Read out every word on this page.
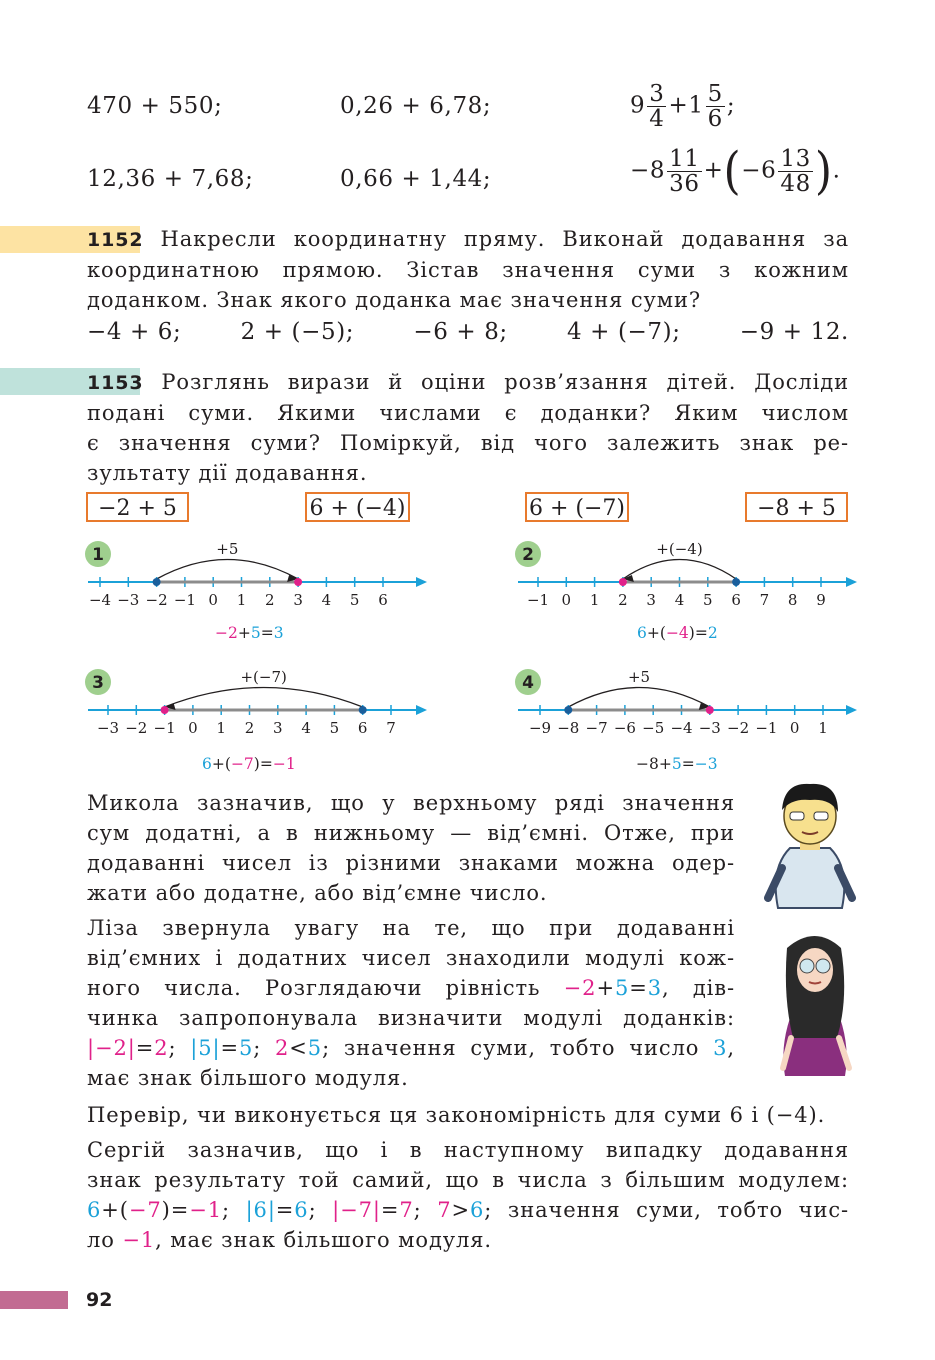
470 + 550;	0,26 + 6,78;	$9 \frac{3}{4} +1 \frac{5}{6}$ ;
12,36 + 7,68;	0,66 + 1,44;	$-8 \frac{11}{36} +(-6 \frac{13}{48}$ ).
1152 Накресли координатну пряму. Виконай додавання за
координатною прямою. Зістав значення суми з кожним
доданком. Знак якого доданка має значення суми?
−4 + 6;	2 + (−5);	−6 + 8;	4 + (−7);	−9 + 12.
1153 Розглянь вирази й оціни розв’язання дітей. Досліди
подані суми. Якими числами є доданки? Яким числом
є значення суми? Поміркуй, від чого залежить знак ре-
зультату дії додавання.
−2 + 5	6 + (−4)	6 + (−7)	−8 + 5
1
−4 −3 −2 −1 0 1 2 3 4 5 6
+5	2
−1 0 1 2 3 4 5 6 7 8 9
+(−4)
3
−3 −2 −1 0 1 2 3 4 5 6 7
+(−7)	4
−9 −8 −7 −6 −5 −4 −3 −2 −1 0 1
+5
−2+5=3	6+(−4)=2
6+(−7)=−1	−8+5=−3
Микола зазначив, що у верхньому ряді значення
сум додатні, а в нижньому — від’ємні. Отже, при
додаванні чисел із різними знаками можна одер-
жати або додатне, або від’ємне число.
Ліза звернула увагу на те, що при додаванні
від’ємних і додатних чисел знаходили модулі кож-
ного числа. Розглядаючи рівність −2+5=3, дів-
чинка запропонувала визначити модулі доданків:
|−2|=2; |5|=5; 2<5; значення суми, тобто число 3,
має знак більшого модуля.
Перевір, чи виконується ця закономірність для суми 6 і (−4).
Сергій зазначив, що і в наступному випадку додавання
знак результату той самий, що в числа з більшим модулем:
6+(−7)=−1; |6|=6; |−7|=7; 7>6; значення суми, тобто чис-
ло −1, має знак більшого модуля.
92
